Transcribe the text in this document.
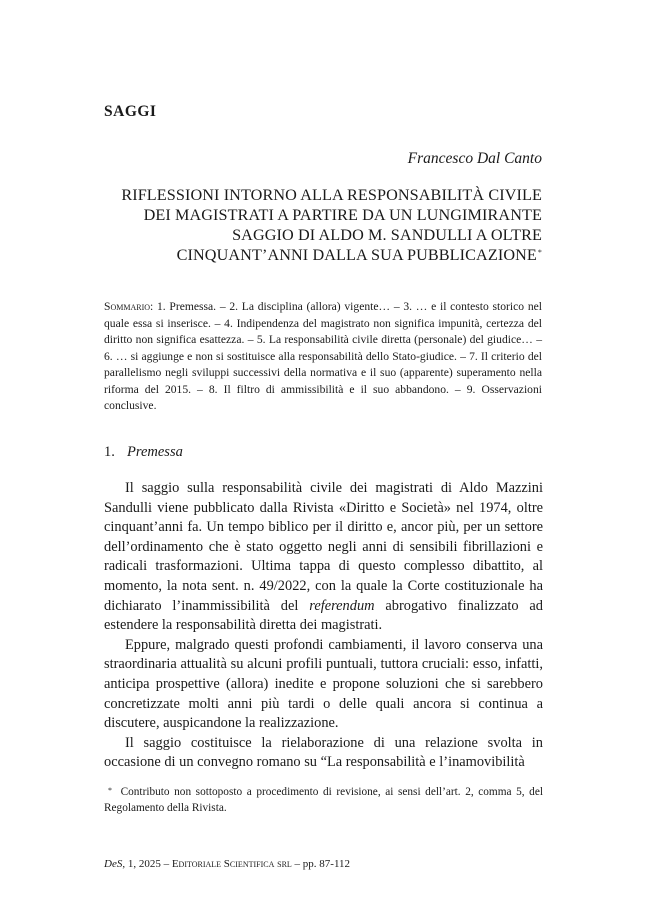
SAGGI
Francesco Dal Canto
RIFLESSIONI INTORNO ALLA RESPONSABILITÀ CIVILE
DEI MAGISTRATI A PARTIRE DA UN LUNGIMIRANTE
SAGGIO DI ALDO M. SANDULLI A OLTRE
CINQUANT’ANNI DALLA SUA PUBBLICAZIONE*
Sommario: 1. Premessa. – 2. La disciplina (allora) vigente… – 3. … e il contesto storico nel quale essa si inserisce. – 4. Indipendenza del magistrato non significa impunità, certezza del diritto non significa esattezza. – 5. La responsabilità civile diretta (personale) del giudice… – 6. … si aggiunge e non si sostituisce alla responsabilità dello Stato-giudice. – 7. Il criterio del parallelismo negli sviluppi successivi della normativa e il suo (apparente) superamento nella riforma del 2015. – 8. Il filtro di ammissibilità e il suo abbandono. – 9. Osservazioni conclusive.
1. Premessa

Il saggio sulla responsabilità civile dei magistrati di Aldo Mazzini Sandulli viene pubblicato dalla Rivista «Diritto e Società» nel 1974, oltre cinquant’anni fa. Un tempo biblico per il diritto e, ancor più, per un settore dell’ordinamento che è stato oggetto negli anni di sensibili fibrillazioni e radicali trasformazioni. Ultima tappa di questo complesso dibattito, al momento, la nota sent. n. 49/2022, con la quale la Corte costituzionale ha dichiarato l’inammissibilità del referendum abrogativo finalizzato ad estendere la responsabilità diretta dei magistrati.

Eppure, malgrado questi profondi cambiamenti, il lavoro conserva una straordinaria attualità su alcuni profili puntuali, tuttora cruciali: esso, infatti, anticipa prospettive (allora) inedite e propone soluzioni che si sarebbero concretizzate molti anni più tardi o delle quali ancora si continua a discutere, auspicandone la realizzazione.

Il saggio costituisce la rielaborazione di una relazione svolta in occasione di un convegno romano su “La responsabilità e l’inamovibilità

* Contributo non sottoposto a procedimento di revisione, ai sensi dell’art. 2, comma 5, del Regolamento della Rivista.
DeS, 1, 2025 – Editoriale Scientifica srl – pp. 87-112
